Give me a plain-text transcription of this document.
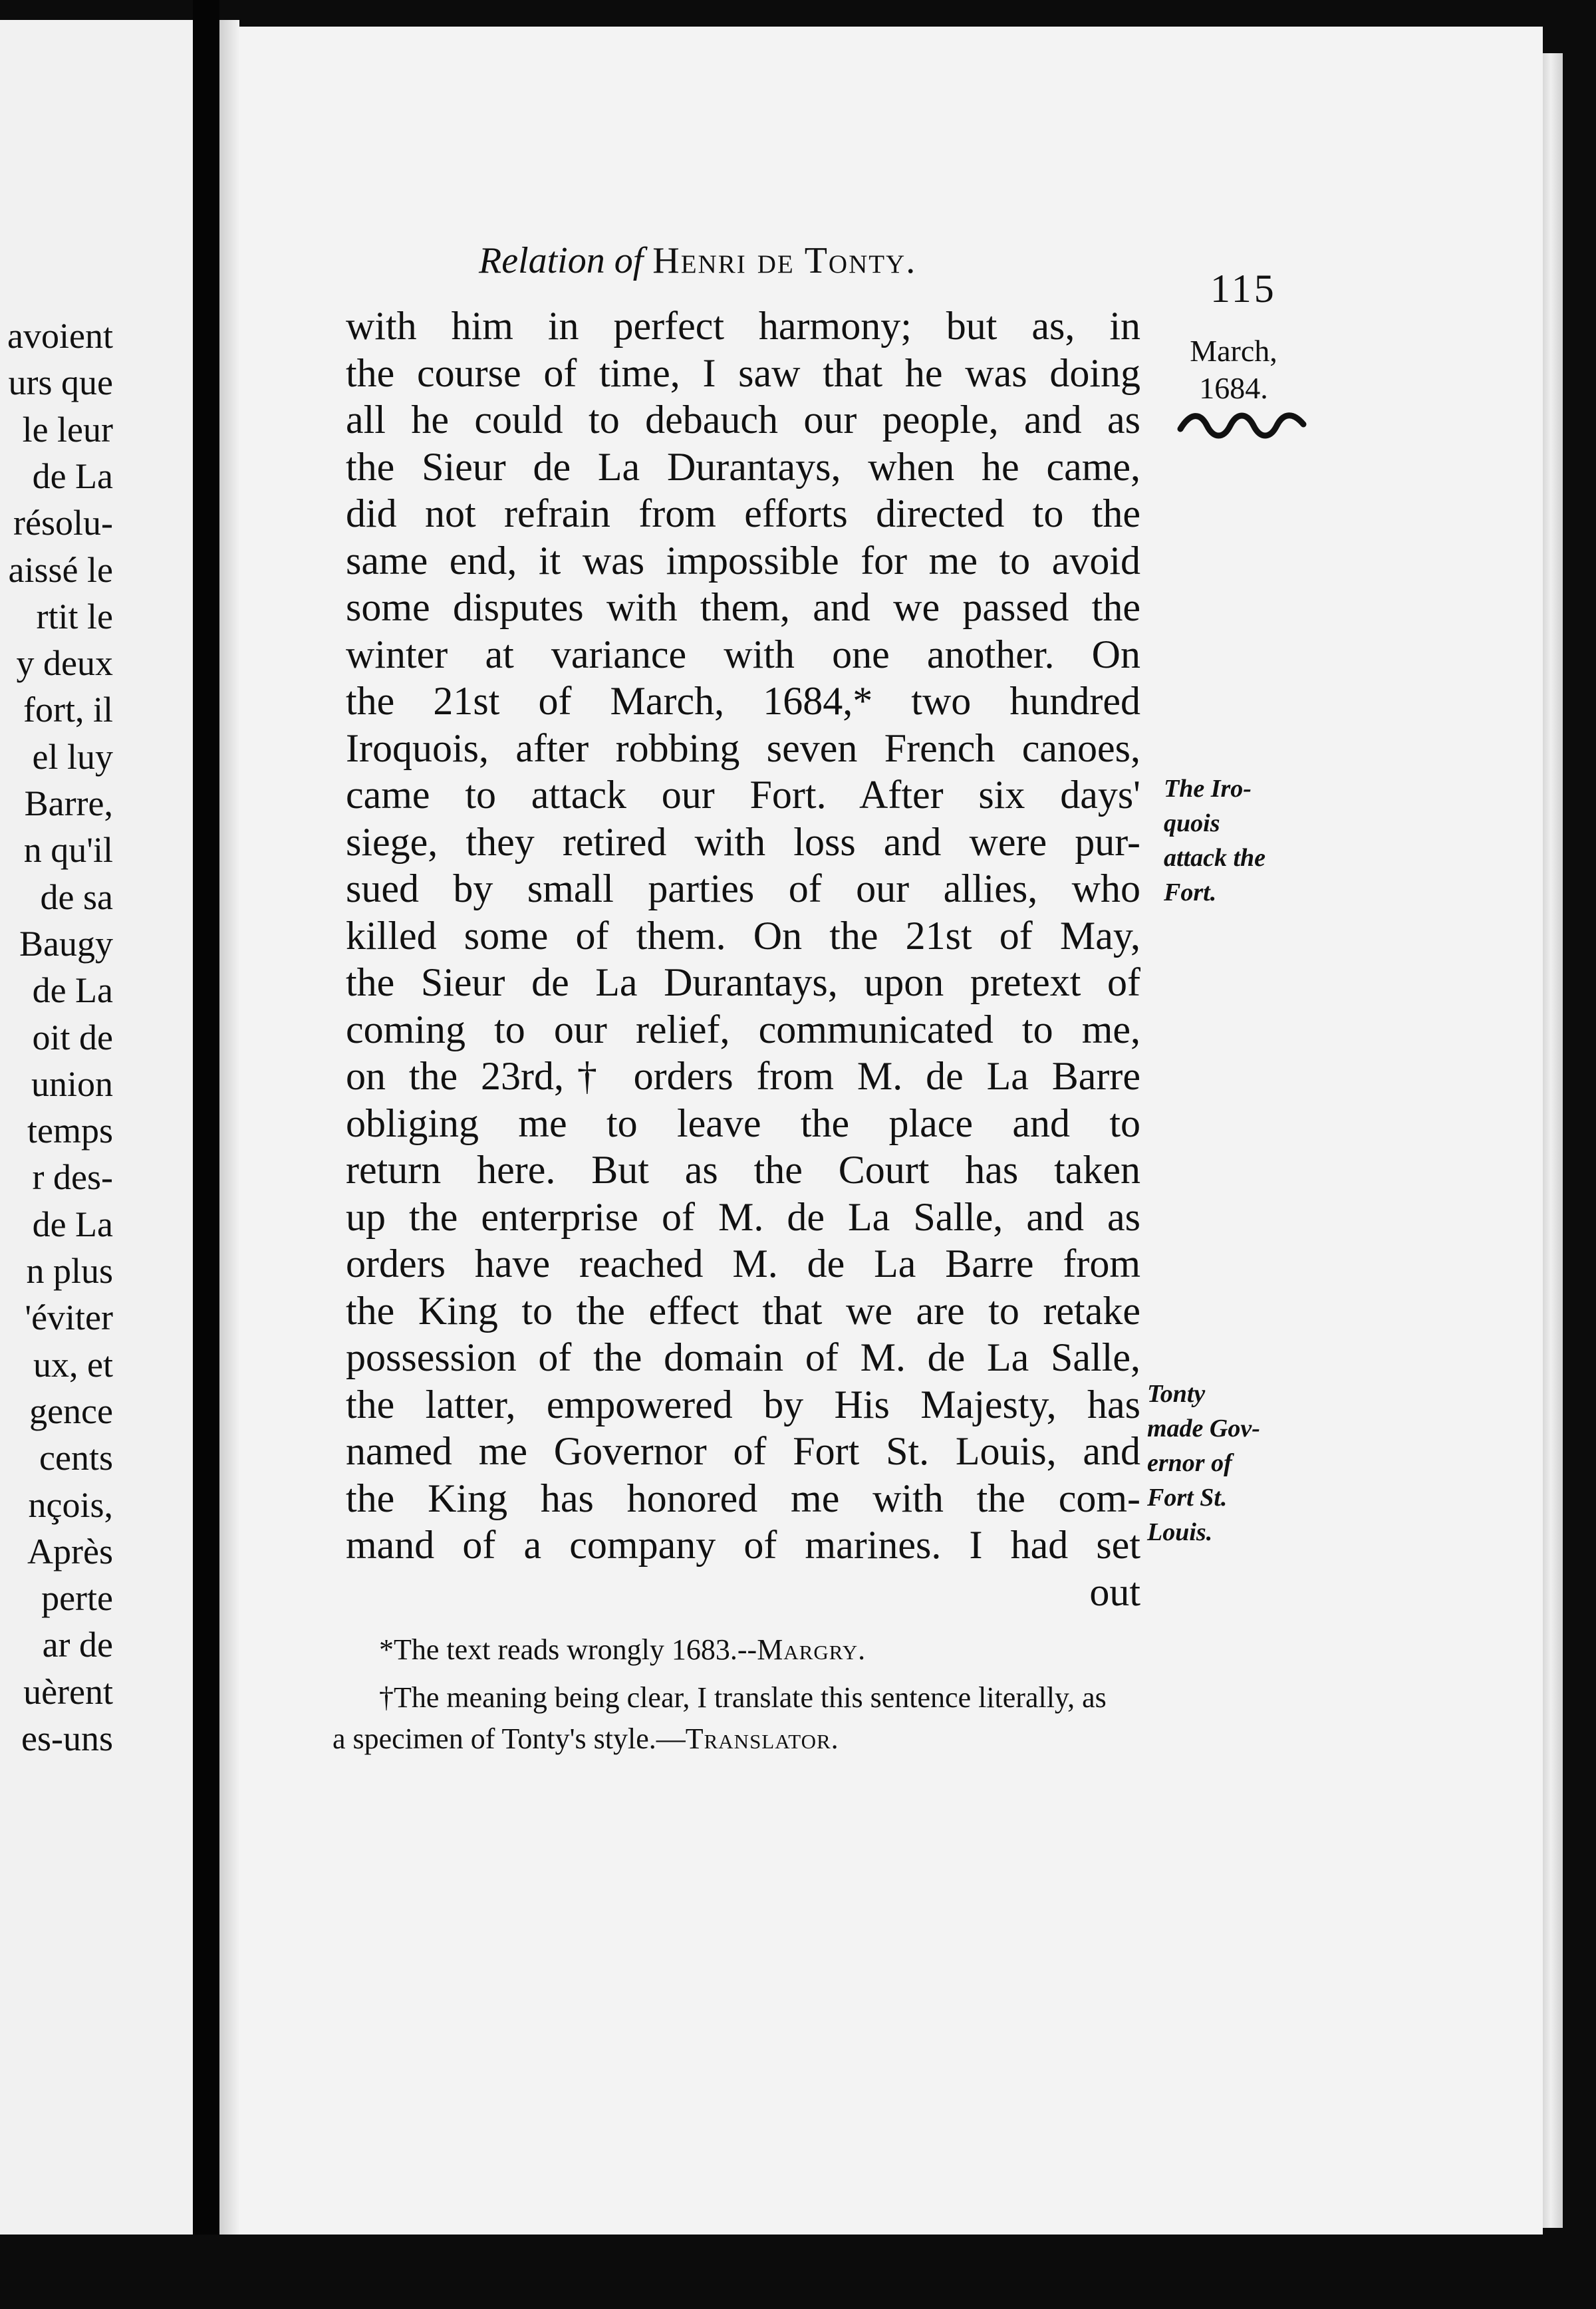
avoient
urs que
le leur
de La
résolu-
aissé le
rtit le
y deux
fort, il
el luy
Barre,
n qu'il
de sa
Baugy
de La
oit de
union
temps
r des-
de La
n plus
'éviter
ux, et
gence
cents
nçois,
Après
perte
ar de
uèrent
es-uns
Relation of Henri de Tonty.
115
March,
1684.
The Iro-
quois
attack the
Fort.
Tonty
made Gov-
ernor of
Fort St.
Louis.
with him in perfect harmony; but as, in
the course of time, I saw that he was doing
all he could to debauch our people, and as
the Sieur de La Durantays, when he came,
did not refrain from efforts directed to the
same end, it was impossible for me to avoid
some disputes with them, and we passed the
winter at variance with one another. On
the 21st of March, 1684,* two hundred
Iroquois, after robbing seven French canoes,
came to attack our Fort. After six days'
siege, they retired with loss and were pur-
sued by small parties of our allies, who
killed some of them. On the 21st of May,
the Sieur de La Durantays, upon pretext of
coming to our relief, communicated to me,
on the 23rd,† orders from M. de La Barre
obliging me to leave the place and to
return here. But as the Court has taken
up the enterprise of M. de La Salle, and as
orders have reached M. de La Barre from
the King to the effect that we are to retake
possession of the domain of M. de La Salle,
the latter, empowered by His Majesty, has
named me Governor of Fort St. Louis, and
the King has honored me with the com-
mand of a company of marines. I had set
out
*The text reads wrongly 1683.--Margry.
†The meaning being clear, I translate this sentence literally, as a specimen of Tonty's style.—Translator.
